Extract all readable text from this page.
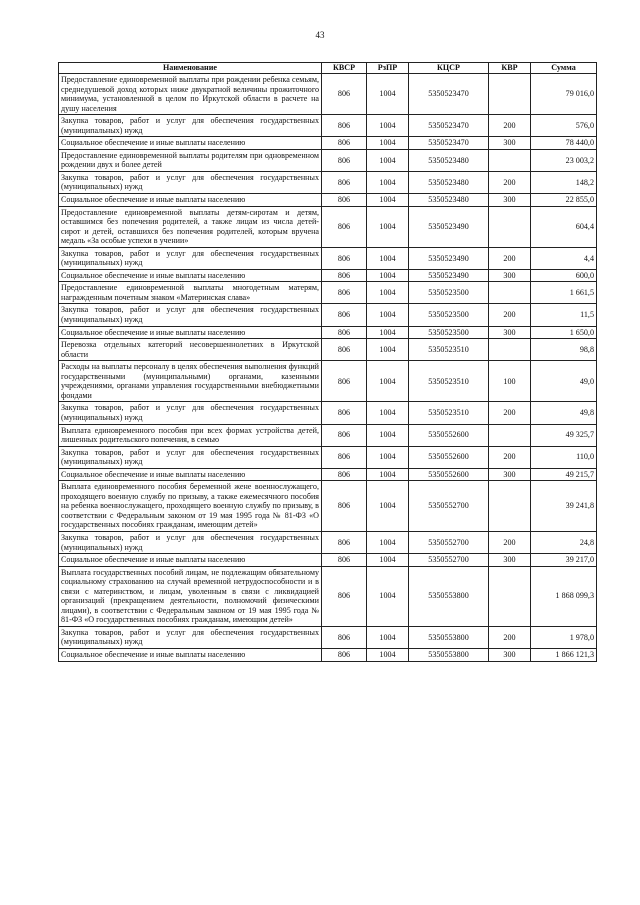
43
Наименование	КВСР	РзПР	КЦСР	КВР	Сумма
Предоставление единовременной выплаты при рождении ребенка семьям, среднедушевой доход которых ниже двукратной величины прожиточного минимума, установленной в целом по Иркутской области в расчете на душу населения	806	1004	5350523470		79 016,0
Закупка товаров, работ и услуг для обеспечения государственных (муниципальных) нужд	806	1004	5350523470	200	576,0
Социальное обеспечение и иные выплаты населению	806	1004	5350523470	300	78 440,0
Предоставление единовременной выплаты родителям при одновременном рождении двух и более детей	806	1004	5350523480		23 003,2
Закупка товаров, работ и услуг для обеспечения государственных (муниципальных) нужд	806	1004	5350523480	200	148,2
Социальное обеспечение и иные выплаты населению	806	1004	5350523480	300	22 855,0
Предоставление единовременной выплаты детям-сиротам и детям, оставшимся без попечения родителей, а также лицам из числа детей-сирот и детей, оставшихся без попечения родителей, которым вручена медаль «За особые успехи в учении»	806	1004	5350523490		604,4
Закупка товаров, работ и услуг для обеспечения государственных (муниципальных) нужд	806	1004	5350523490	200	4,4
Социальное обеспечение и иные выплаты населению	806	1004	5350523490	300	600,0
Предоставление единовременной выплаты многодетным матерям, награжденным почетным знаком «Материнская слава»	806	1004	5350523500		1 661,5
Закупка товаров, работ и услуг для обеспечения государственных (муниципальных) нужд	806	1004	5350523500	200	11,5
Социальное обеспечение и иные выплаты населению	806	1004	5350523500	300	1 650,0
Перевозка отдельных категорий несовершеннолетних в Иркутской области	806	1004	5350523510		98,8
Расходы на выплаты персоналу в целях обеспечения выполнения функций государственными (муниципальными) органами, казенными учреждениями, органами управления государственными внебюджетными фондами	806	1004	5350523510	100	49,0
Закупка товаров, работ и услуг для обеспечения государственных (муниципальных) нужд	806	1004	5350523510	200	49,8
Выплата единовременного пособия при всех формах устройства детей, лишенных родительского попечения, в семью	806	1004	5350552600		49 325,7
Закупка товаров, работ и услуг для обеспечения государственных (муниципальных) нужд	806	1004	5350552600	200	110,0
Социальное обеспечение и иные выплаты населению	806	1004	5350552600	300	49 215,7
Выплата единовременного пособия беременной жене военнослужащего, проходящего военную службу по призыву, а также ежемесячного пособия на ребенка военнослужащего, проходящего военную службу по призыву, в соответствии с Федеральным законом от 19 мая 1995 года № 81-ФЗ «О государственных пособиях гражданам, имеющим детей»	806	1004	5350552700		39 241,8
Закупка товаров, работ и услуг для обеспечения государственных (муниципальных) нужд	806	1004	5350552700	200	24,8
Социальное обеспечение и иные выплаты населению	806	1004	5350552700	300	39 217,0
Выплата государственных пособий лицам, не подлежащим обязательному социальному страхованию на случай временной нетрудоспособности и в связи с материнством, и лицам, уволенным в связи с ликвидацией организаций (прекращением деятельности, полномочий физическими лицами), в соответствии с Федеральным законом от 19 мая 1995 года № 81-ФЗ «О государственных пособиях гражданам, имеющим детей»	806	1004	5350553800		1 868 099,3
Закупка товаров, работ и услуг для обеспечения государственных (муниципальных) нужд	806	1004	5350553800	200	1 978,0
Социальное обеспечение и иные выплаты населению	806	1004	5350553800	300	1 866 121,3
